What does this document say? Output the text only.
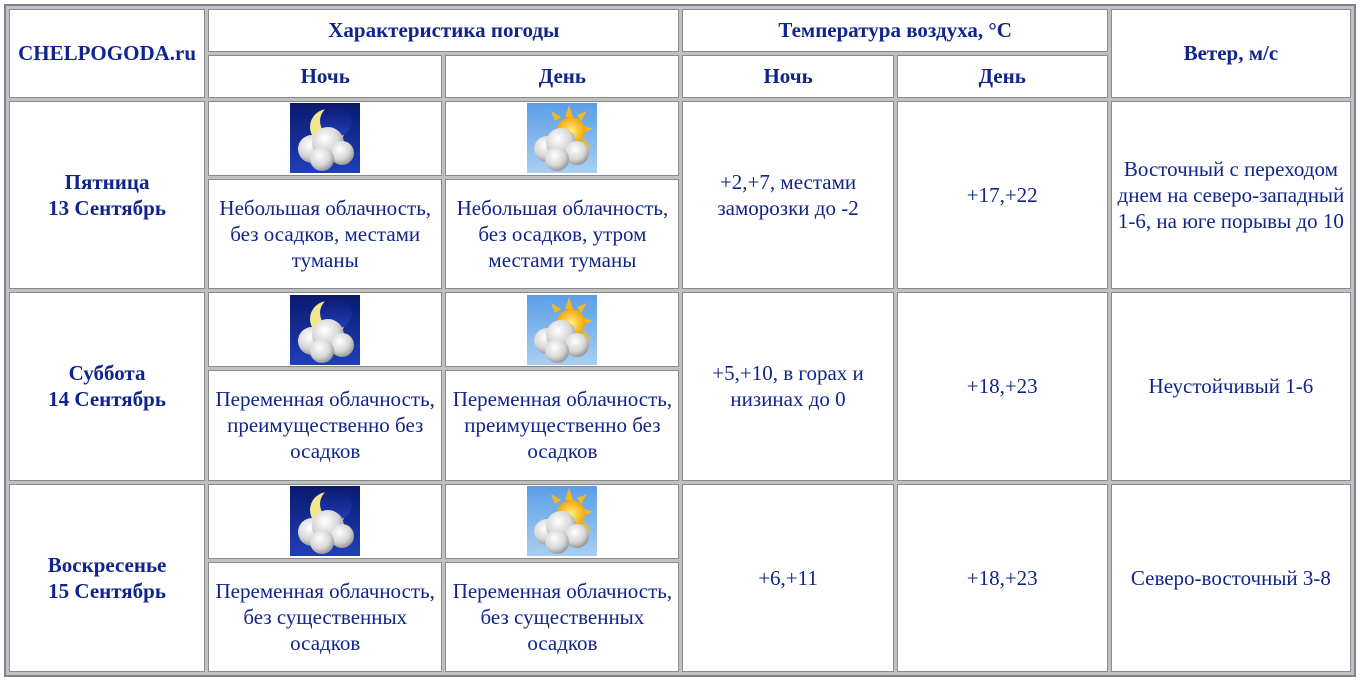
CHELPOGODA.ru	Характеристика погоды		Температура воздуха, °С		Ветер, м/с
	Ночь	День	Ночь	День	
Пятница
13 Сентябрь			+2,+7, местами заморозки до -2	+17,+22	Восточный с переходом днем на северо-западный 1-6, на юге порывы до 10
	Небольшая облачность, без осадков, местами туманы	Небольшая облачность, без осадков, утром местами туманы			
Суббота
14 Сентябрь			+5,+10, в горах и низинах до 0	+18,+23	Неустойчивый 1-6
	Переменная облачность, преимущественно без осадков	Переменная облачность, преимущественно без осадков			
Воскресенье
15 Сентябрь			+6,+11	+18,+23	Северо-восточный 3-8
	Переменная облачность, без существенных осадков	Переменная облачность, без существенных осадков			
